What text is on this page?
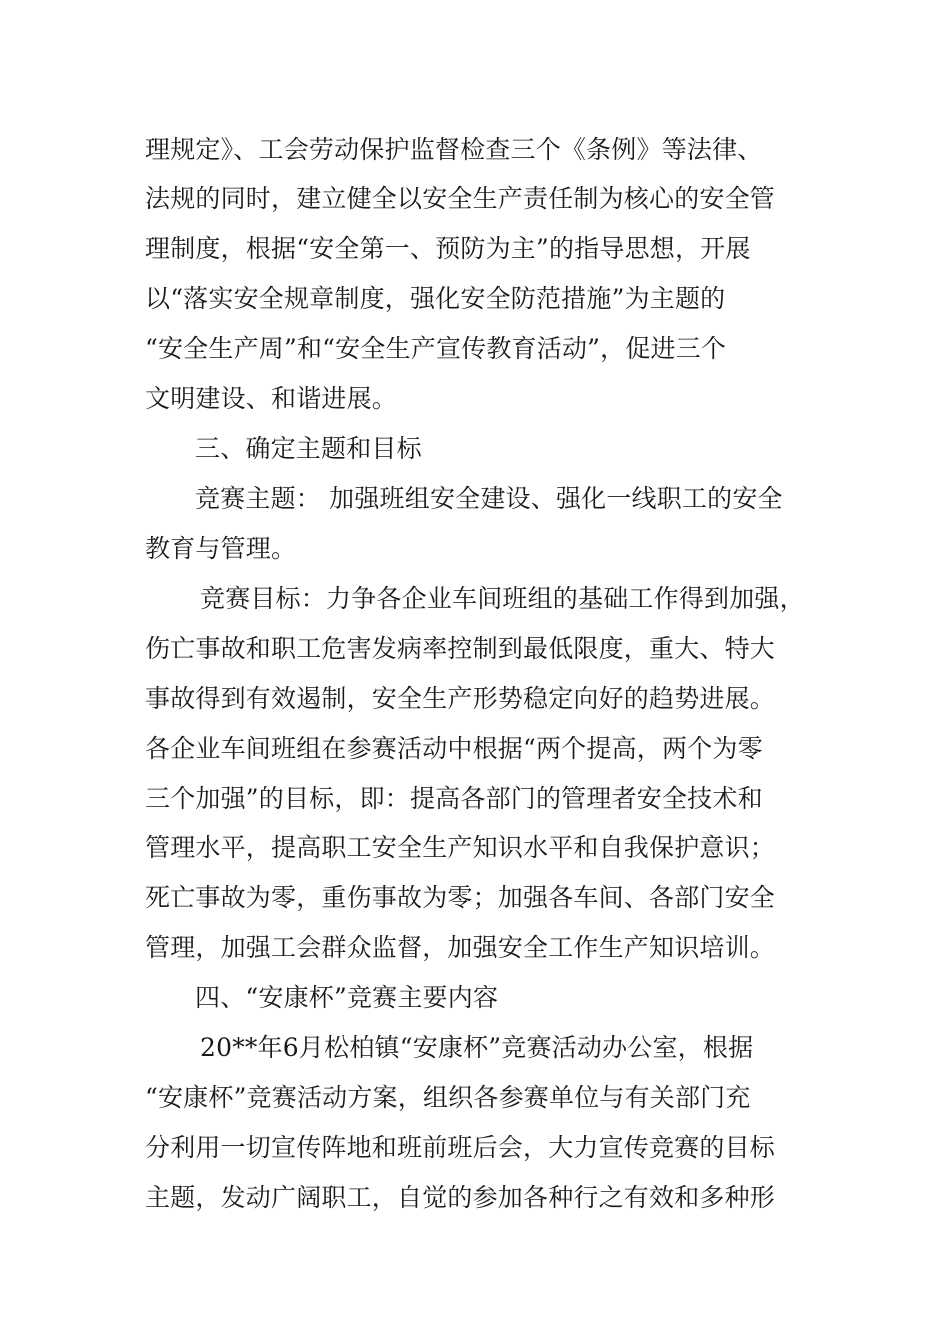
理规定》、工会劳动保护监督检查三个《条例》等法律、
法规的同时，建立健全以安全生产责任制为核心的安全管
理制度，根据“安全第一、预防为主”的指导思想，开展
以“落实安全规章制度，强化安全防范措施”为主题的
“安全生产周”和“安全生产宣传教育活动”，促进三个
文明建设、和谐进展。
三、确定主题和目标
竞赛主题： 加强班组安全建设、强化一线职工的安全
教育与管理。
竞赛目标：力争各企业车间班组的基础工作得到加强，
伤亡事故和职工危害发病率控制到最低限度，重大、特大
事故得到有效遏制，安全生产形势稳定向好的趋势进展。
各企业车间班组在参赛活动中根据“两个提高，两个为零
三个加强”的目标，即：提高各部门的管理者安全技术和
管理水平，提高职工安全生产知识水平和自我保护意识；
死亡事故为零，重伤事故为零；加强各车间、各部门安全
管理，加强工会群众监督，加强安全工作生产知识培训。
四、“安康杯”竞赛主要内容
20**年6月松柏镇“安康杯”竞赛活动办公室，根据
“安康杯”竞赛活动方案，组织各参赛单位与有关部门充
分利用一切宣传阵地和班前班后会，大力宣传竞赛的目标
主题，发动广阔职工，自觉的参加各种行之有效和多种形
